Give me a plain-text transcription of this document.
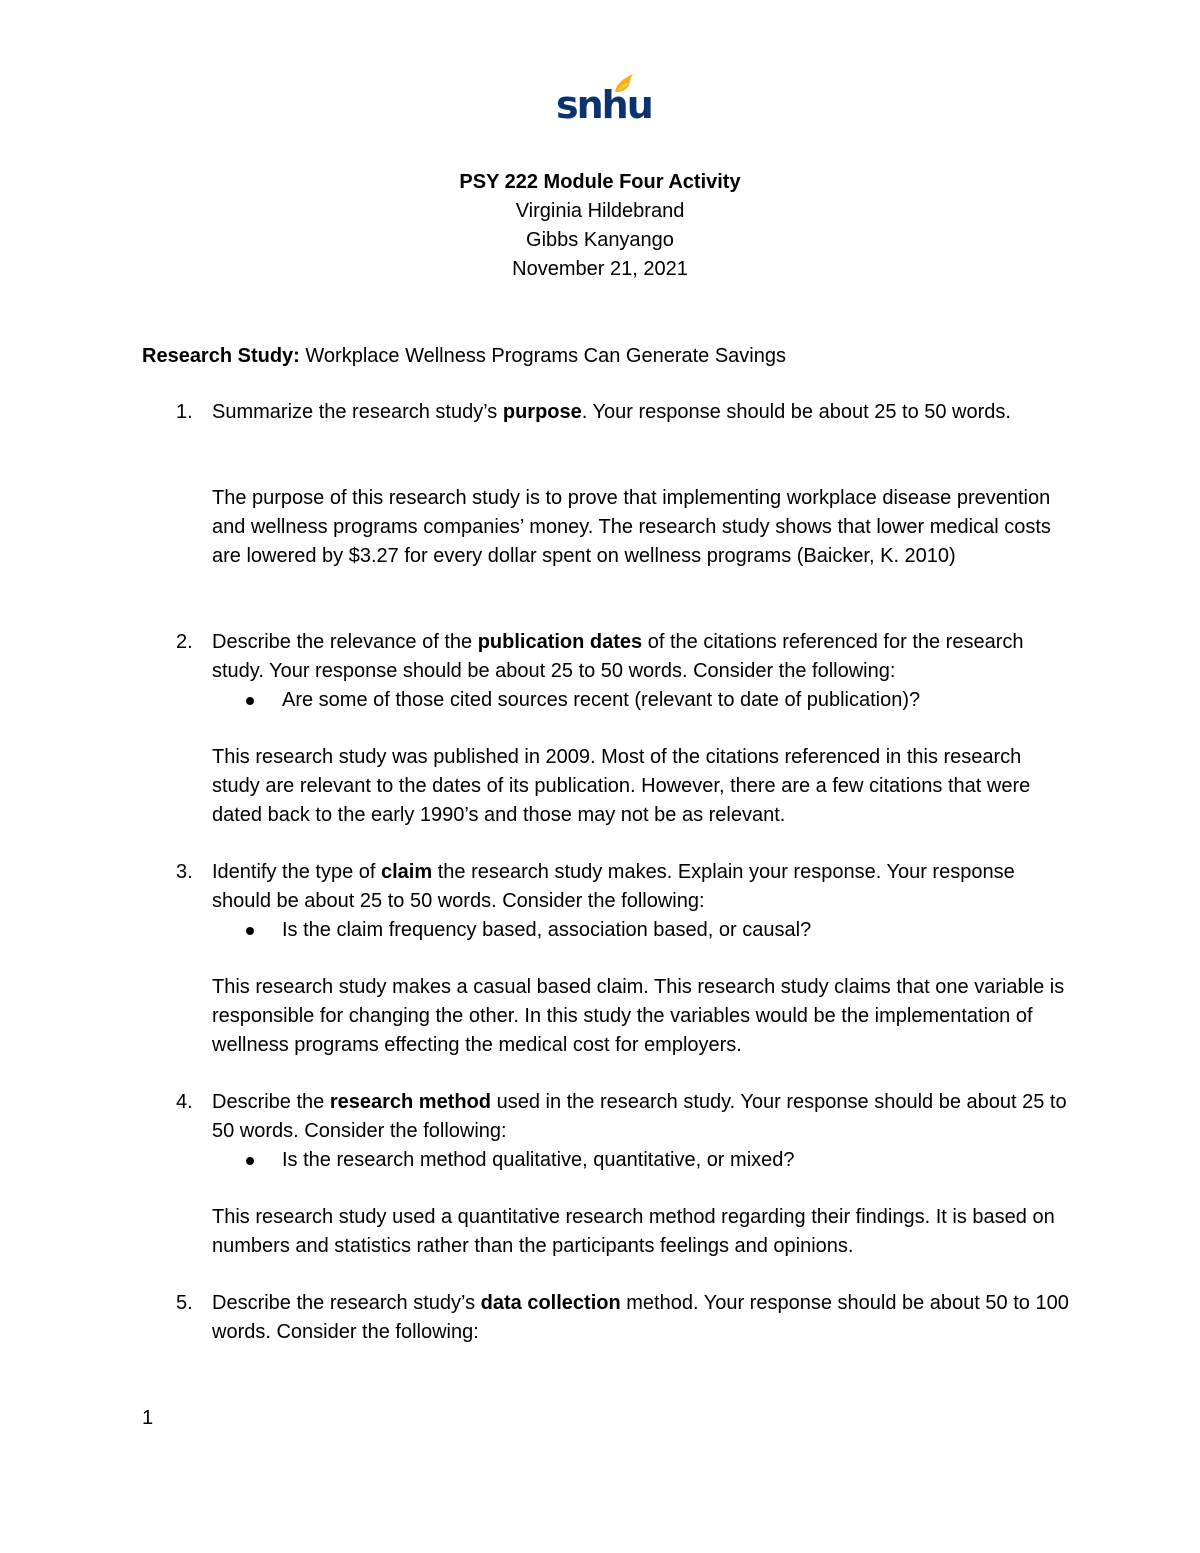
snhu
PSY 222 Module Four Activity
Virginia Hildebrand
Gibbs Kanyango
November 21, 2021
Research Study: Workplace Wellness Programs Can Generate Savings
1. Summarize the research study’s purpose. Your response should be about 25 to 50 words.
The purpose of this research study is to prove that implementing workplace disease prevention and wellness programs companies’ money. The research study shows that lower medical costs are lowered by $3.27 for every dollar spent on wellness programs (Baicker, K. 2010)
2. Describe the relevance of the publication dates of the citations referenced for the research study. Your response should be about 25 to 50 words. Consider the following:
Are some of those cited sources recent (relevant to date of publication)?
This research study was published in 2009. Most of the citations referenced in this research study are relevant to the dates of its publication. However, there are a few citations that were dated back to the early 1990’s and those may not be as relevant.
3. Identify the type of claim the research study makes. Explain your response. Your response should be about 25 to 50 words. Consider the following:
Is the claim frequency based, association based, or causal?
This research study makes a casual based claim. This research study claims that one variable is responsible for changing the other. In this study the variables would be the implementation of wellness programs effecting the medical cost for employers.
4. Describe the research method used in the research study. Your response should be about 25 to 50 words. Consider the following:
Is the research method qualitative, quantitative, or mixed?
This research study used a quantitative research method regarding their findings. It is based on numbers and statistics rather than the participants feelings and opinions.
5. Describe the research study’s data collection method. Your response should be about 50 to 100 words. Consider the following:
1
